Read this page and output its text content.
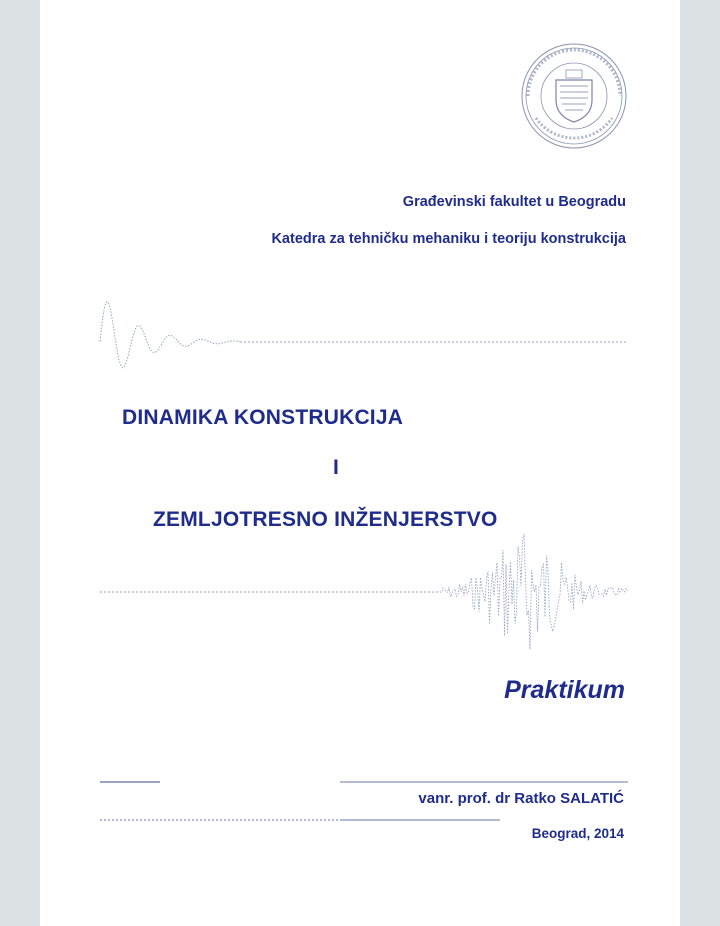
Građevinski fakultet u Beogradu
Katedra za tehničku mehaniku i teoriju konstrukcija
DINAMIKA KONSTRUKCIJA
I
ZEMLJOTRESNO INŽENJERSTVO
Praktikum
vanr. prof. dr Ratko SALATIĆ
Beograd, 2014
